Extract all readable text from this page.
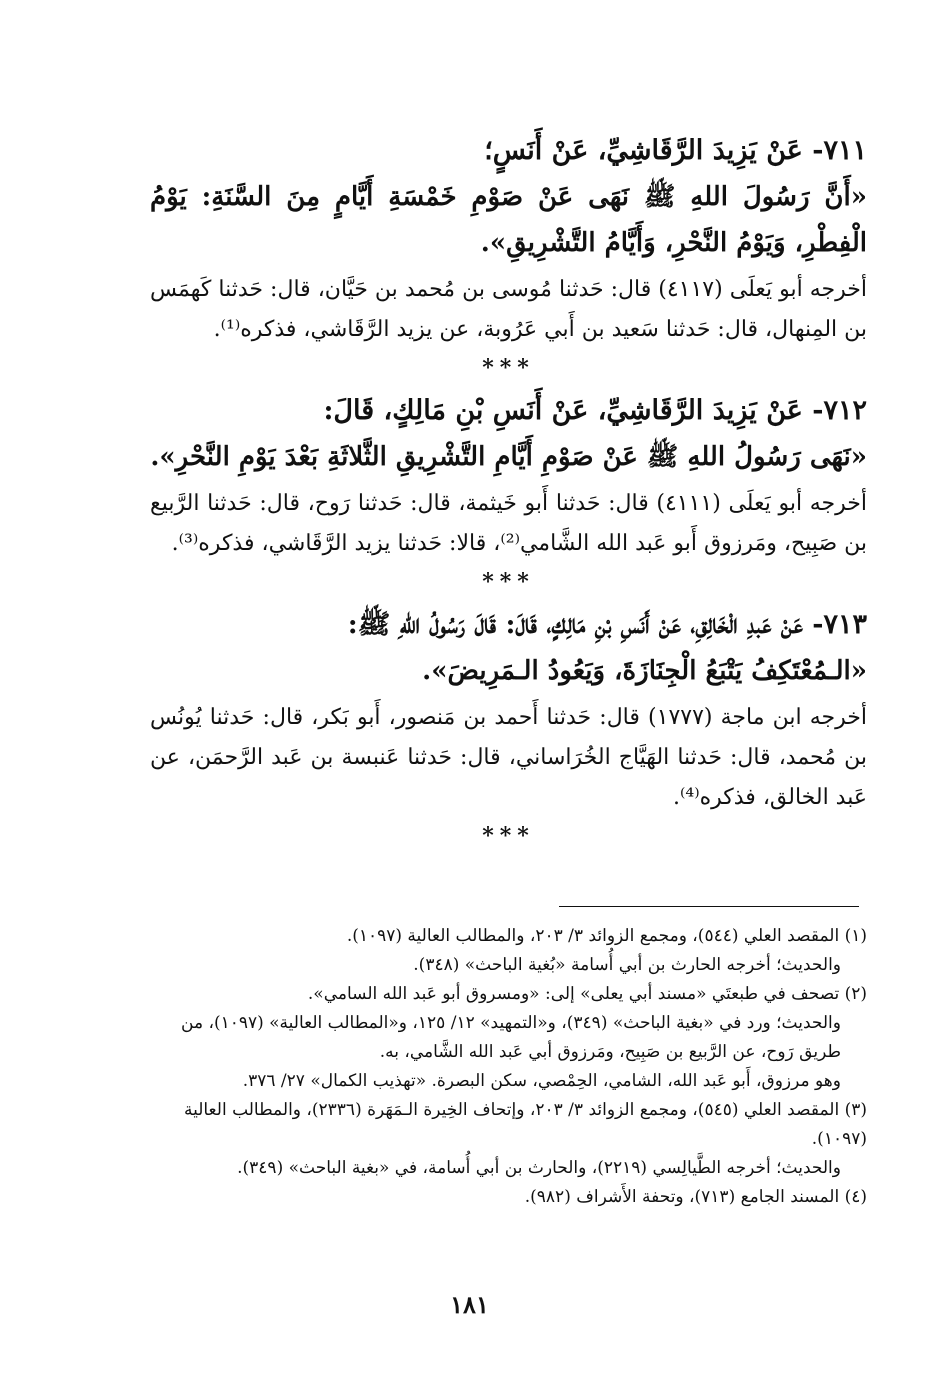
٧١١- عَنْ يَزِيدَ الرَّقَاشِيِّ، عَنْ أَنَسٍ؛

«أَنَّ رَسُولَ اللهِ ﷺ نَهَى عَنْ صَوْمِ خَمْسَةِ أَيَّامٍ مِنَ السَّنَةِ: يَوْمُ الْفِطْرِ، وَيَوْمُ النَّحْرِ، وَأَيَّامُ التَّشْرِيقِ».

أخرجه أبو يَعلَى (٤١١٧) قال: حَدثنا مُوسى بن مُحمد بن حَيَّان، قال: حَدثنا كَهمَس بن المِنهال، قال: حَدثنا سَعيد بن أَبي عَرُوبة، عن يزيد الرَّقَاشي، فذكره⁽¹⁾.

***

٧١٢- عَنْ يَزِيدَ الرَّقَاشِيِّ، عَنْ أَنَسِ بْنِ مَالِكٍ، قَالَ:

«نَهَى رَسُولُ اللهِ ﷺ عَنْ صَوْمِ أَيَّامِ التَّشْرِيقِ الثَّلاثَةِ بَعْدَ يَوْمِ النَّحْرِ».

أخرجه أبو يَعلَى (٤١١١) قال: حَدثنا أَبو خَيثمة، قال: حَدثنا رَوح، قال: حَدثنا الرَّبيع بن صَبِيح، ومَرزوق أَبو عَبد الله الشَّامي⁽²⁾، قالا: حَدثنا يزيد الرَّقَاشي، فذكره⁽³⁾.

***

٧١٣- عَنْ عَبدِ الْخَالِقِ، عَنْ أَنَسِ بْنِ مَالِكٍ، قَالَ: قَالَ رَسُولُ اللهِ ﷺ:

«الـمُعْتَكِفُ يَتْبَعُ الْجِنَازَةَ، وَيَعُودُ الـمَرِيضَ».

أخرجه ابن ماجة (١٧٧٧) قال: حَدثنا أَحمد بن مَنصور، أَبو بَكر، قال: حَدثنا يُونُس بن مُحمد، قال: حَدثنا الهَيَّاج الخُرَاساني، قال: حَدثنا عَنبسة بن عَبد الرَّحمَن، عن عَبد الخالق، فذكره⁽⁴⁾.

***

(١) المقصد العلي (٥٤٤)، ومجمع الزوائد ٣/ ٢٠٣، والمطالب العالية (١٠٩٧).

والحديث؛ أخرجه الحارث بن أبي أُسامة «بُغية الباحث» (٣٤٨).

(٢) تصحف في طبعتَي «مسند أبي يعلى» إلى: «ومسروق أبو عَبد الله السامي».

والحديث؛ ورد في «بغية الباحث» (٣٤٩)، و«التمهيد» ١٢/ ١٢٥، و«المطالب العالية» (١٠٩٧)، من طريق رَوح، عن الرَّبيع بن صَبِيح، ومَرزوق أبي عَبد الله الشَّامي، به.

وهو مرزوق، أَبو عَبد الله، الشامي، الحِمْصي، سكن البصرة. «تهذيب الكمال» ٢٧/ ٣٧٦.

(٣) المقصد العلي (٥٤٥)، ومجمع الزوائد ٣/ ٢٠٣، وإتحاف الخِيرة الـمَهَرة (٢٣٣٦)، والمطالب العالية (١٠٩٧).

والحديث؛ أخرجه الطَّيالِسي (٢٢١٩)، والحارث بن أبي أُسامة، في «بغية الباحث» (٣٤٩).

(٤) المسند الجامع (٧١٣)، وتحفة الأَشراف (٩٨٢).

١٨١
